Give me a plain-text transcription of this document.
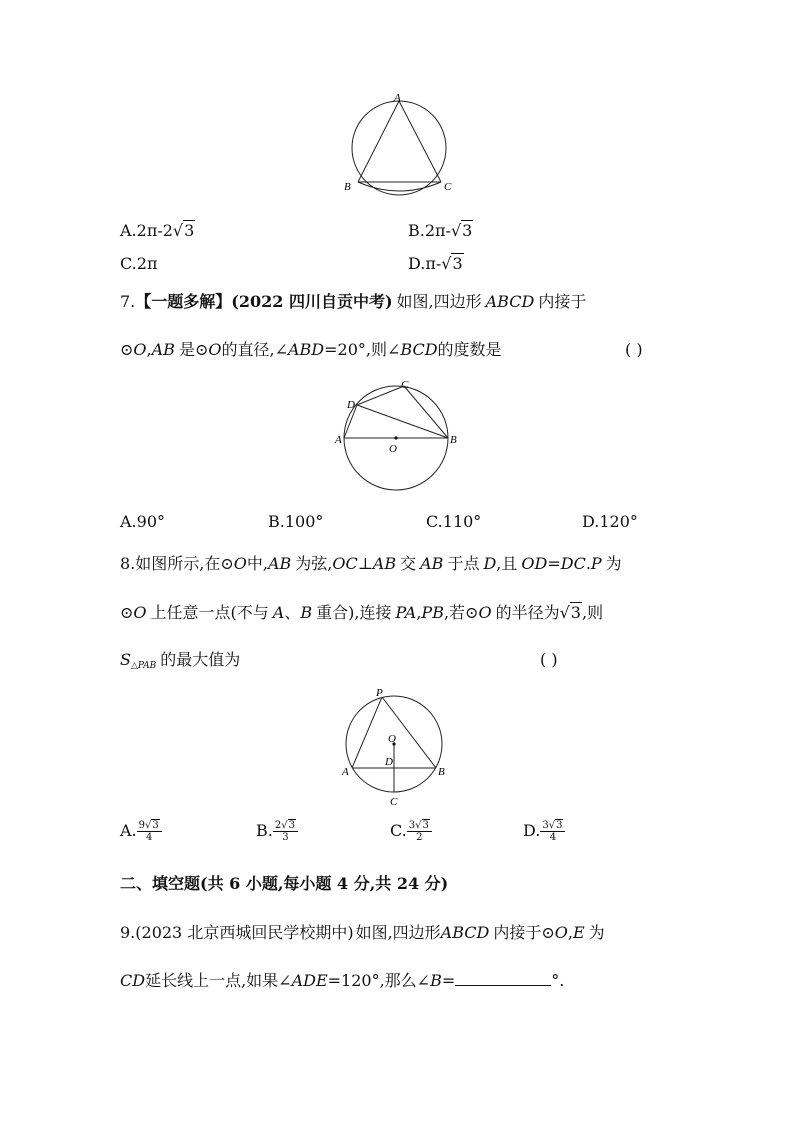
A
B	C
A.2π-2√3	B.2π-√3
C.2π	D.π-√3
7.【一题多解】(2022 四川自贡中考) 如图,四边形 ABCD 内接于
⊙O,AB 是⊙O的直径,∠ABD=20°,则∠BCD的度数是	( )
A	B
C
D
O
A.90°	B.100°	C.110°	D.120°
8.如图所示,在⊙O中,AB 为弦,OC⊥AB 交 AB 于点 D,且 OD=DC.P 为
⊙O 上任意一点(不与 A、B 重合),连接 PA,PB,若⊙O 的半径为√3,则
S△PAB 的最大值为	( )
P
O
D
A	B
C
A. $\frac{9√3}{4}$	B. $\frac{2√3}{3}$	C. $\frac{3√3}{2}$	D. $\frac{3√3}{4}$
二、填空题(共 6 小题,每小题 4 分,共 24 分)
9.(2023 北京西城回民学校期中) 如图,四边形ABCD 内接于⊙O,E 为
CD延长线上一点,如果∠ADE=120°,那么∠B=	°.
